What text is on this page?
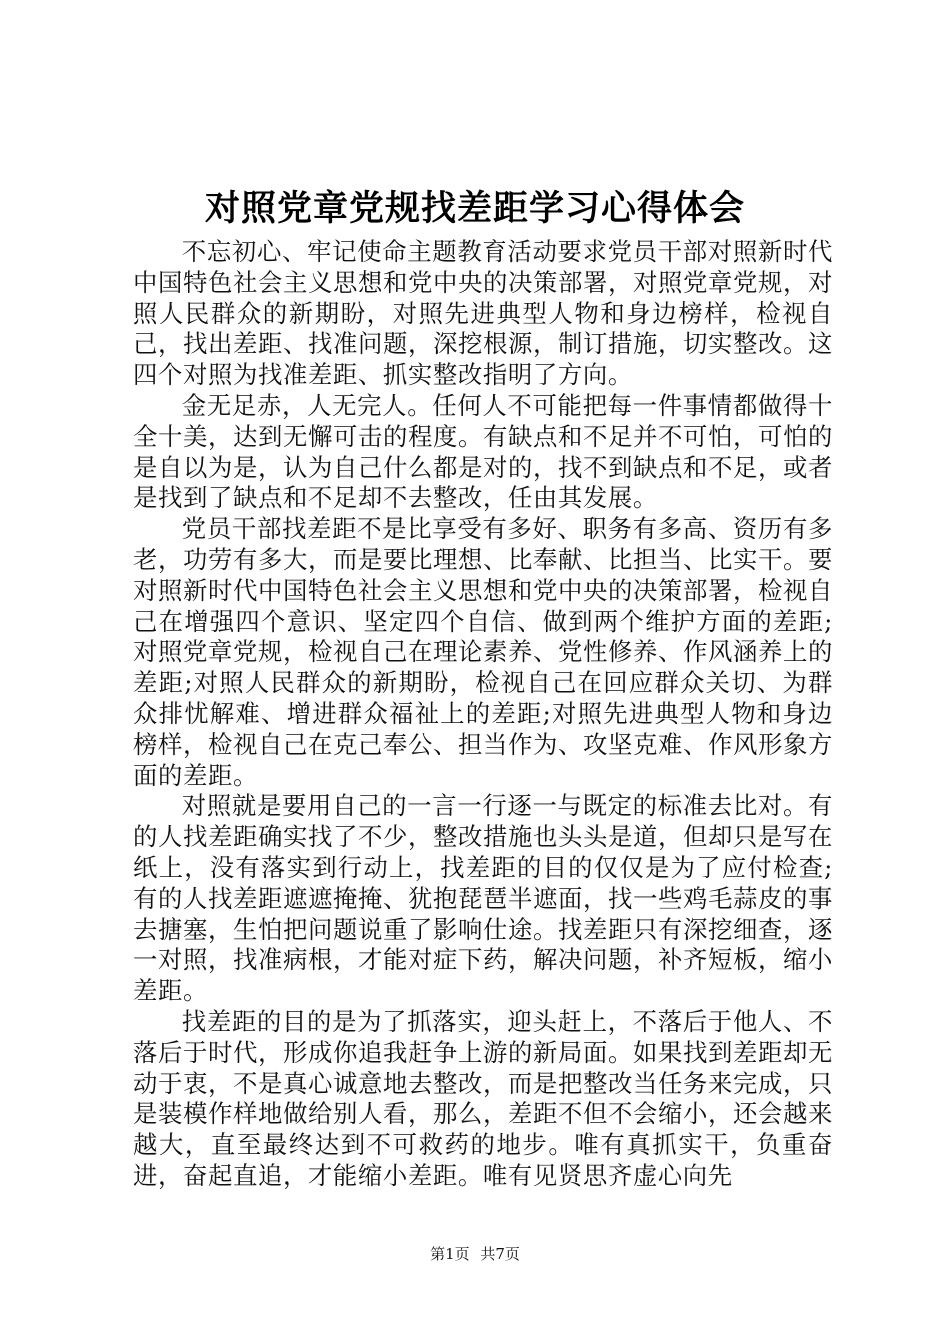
对照党章党规找差距学习心得体会

不忘初心、牢记使命主题教育活动要求党员干部对照新时代中国特色社会主义思想和党中央的决策部署，对照党章党规，对照人民群众的新期盼，对照先进典型人物和身边榜样，检视自己，找出差距、找准问题，深挖根源，制订措施，切实整改。这四个对照为找准差距、抓实整改指明了方向。

金无足赤，人无完人。任何人不可能把每一件事情都做得十全十美，达到无懈可击的程度。有缺点和不足并不可怕，可怕的是自以为是，认为自己什么都是对的，找不到缺点和不足，或者是找到了缺点和不足却不去整改，任由其发展。

党员干部找差距不是比享受有多好、职务有多高、资历有多老，功劳有多大，而是要比理想、比奉献、比担当、比实干。要对照新时代中国特色社会主义思想和党中央的决策部署，检视自己在增强四个意识、坚定四个自信、做到两个维护方面的差距;对照党章党规，检视自己在理论素养、党性修养、作风涵养上的差距;对照人民群众的新期盼，检视自己在回应群众关切、为群众排忧解难、增进群众福祉上的差距;对照先进典型人物和身边榜样，检视自己在克己奉公、担当作为、攻坚克难、作风形象方面的差距。

对照就是要用自己的一言一行逐一与既定的标准去比对。有的人找差距确实找了不少，整改措施也头头是道，但却只是写在纸上，没有落实到行动上，找差距的目的仅仅是为了应付检查;有的人找差距遮遮掩掩、犹抱琵琶半遮面，找一些鸡毛蒜皮的事去搪塞，生怕把问题说重了影响仕途。找差距只有深挖细查，逐一对照，找准病根，才能对症下药，解决问题，补齐短板，缩小差距。

找差距的目的是为了抓落实，迎头赶上，不落后于他人、不落后于时代，形成你追我赶争上游的新局面。如果找到差距却无动于衷，不是真心诚意地去整改，而是把整改当任务来完成，只是装模作样地做给别人看，那么，差距不但不会缩小，还会越来越大，直至最终达到不可救药的地步。唯有真抓实干，负重奋进，奋起直追，才能缩小差距。唯有见贤思齐虚心向先

第1页 共7页
